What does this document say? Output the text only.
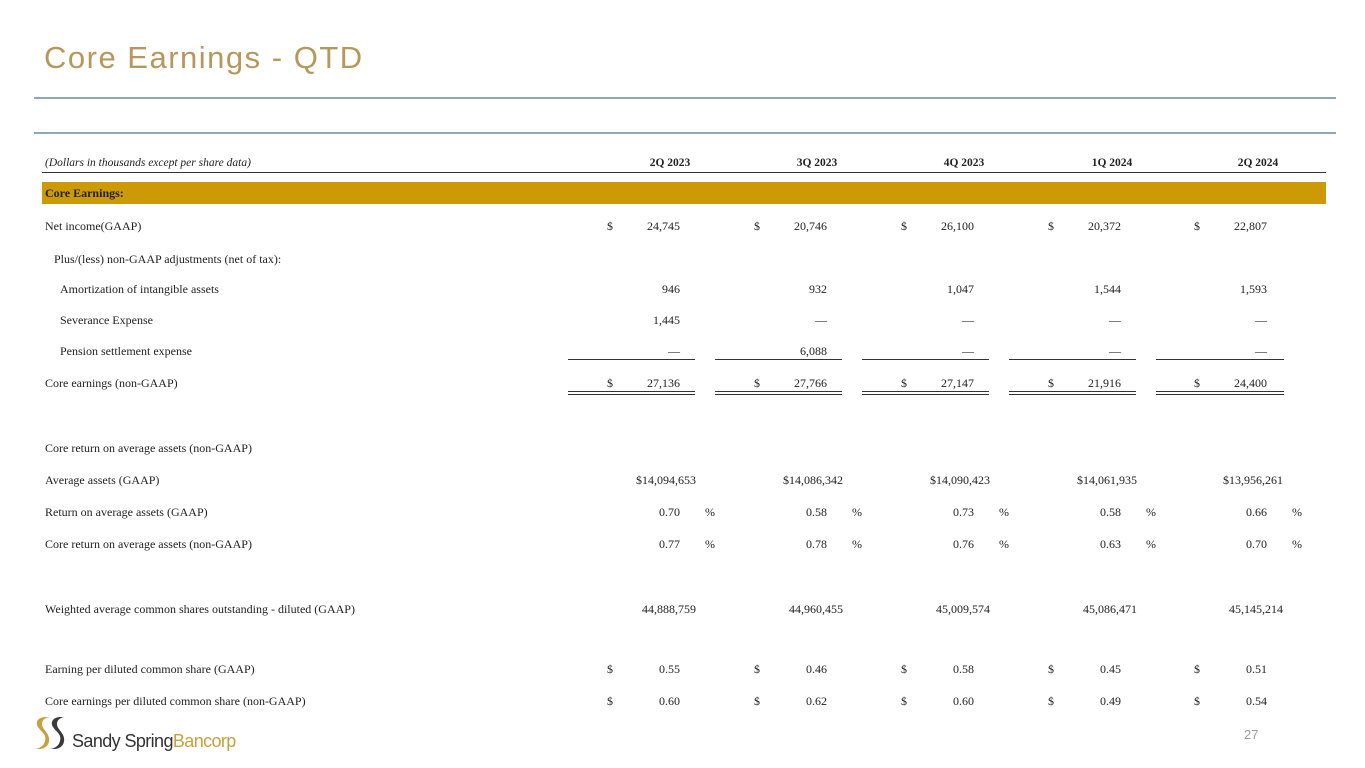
Core Earnings - QTD
(Dollars in thousands except per share data)	2Q 2023	3Q 2023	4Q 2023	1Q 2024	2Q 2024
Core Earnings:
Net income(GAAP)	$	24,745	$	20,746	$	26,100	$	20,372	$	22,807
Plus/(less) non-GAAP adjustments (net of tax):
Amortization of intangible assets	946	932	1,047	1,544	1,593
Severance Expense	1,445	—	—	—	—
Pension settlement expense	—	6,088	—	—	—
Core earnings (non-GAAP)	$	27,136	$	27,766	$	27,147	$	21,916	$	24,400
Core return on average assets (non-GAAP)
Average assets (GAAP)	$14,094,653	$14,086,342	$14,090,423	$14,061,935	$13,956,261
Return on average assets (GAAP)	0.70 %	0.58 %	0.73 %	0.58 %	0.66 %
Core return on average assets (non-GAAP)	0.77 %	0.78 %	0.76 %	0.63 %	0.70 %
Weighted average common shares outstanding - diluted (GAAP)	44,888,759	44,960,455	45,009,574	45,086,471	45,145,214
Earning per diluted common share (GAAP)	$	0.55	$	0.46	$	0.58	$	0.45	$	0.51
Core earnings per diluted common share (non-GAAP)	$	0.60	$	0.62	$	0.60	$	0.49	$	0.54
Sandy SpringBancorp	27
